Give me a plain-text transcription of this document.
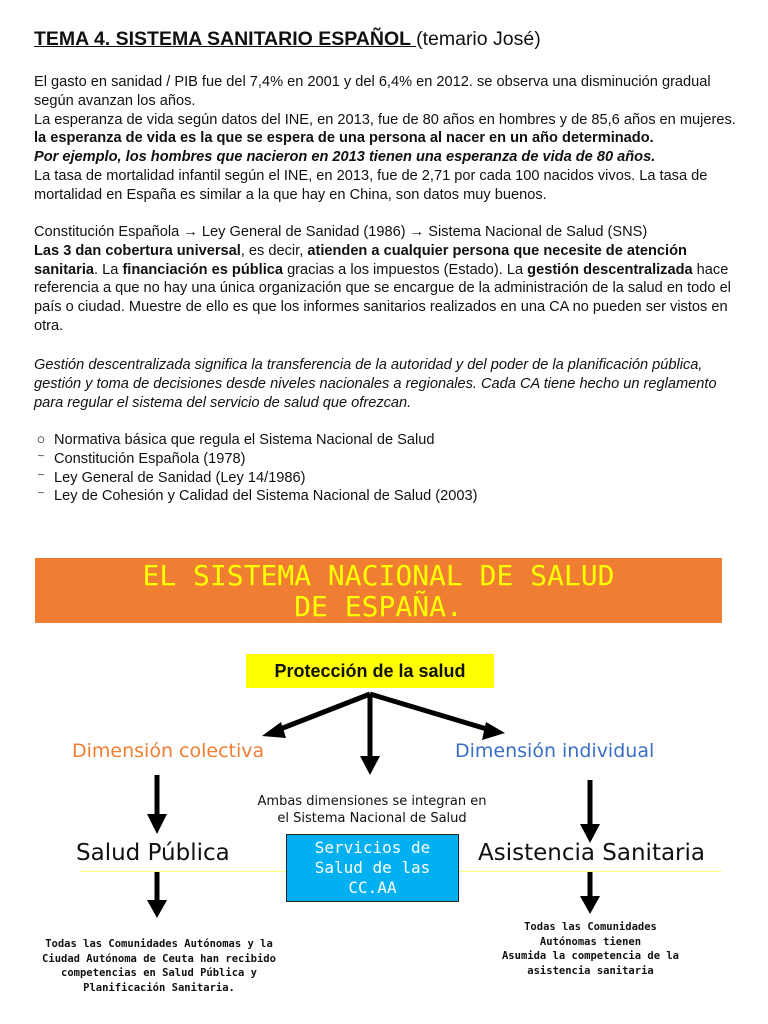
TEMA 4. SISTEMA SANITARIO ESPAÑOL (temario José)
El gasto en sanidad / PIB fue del 7,4% en 2001 y del 6,4% en 2012. se observa una disminución gradual según avanzan los años.
La esperanza de vida según datos del INE, en 2013, fue de 80 años en hombres y de 85,6 años en mujeres. la esperanza de vida es la que se espera de una persona al nacer en un año determinado.
Por ejemplo, los hombres que nacieron en 2013 tienen una esperanza de vida de 80 años.
La tasa de mortalidad infantil según el INE, en 2013, fue de 2,71 por cada 100 nacidos vivos. La tasa de mortalidad en España es similar a la que hay en China, son datos muy buenos.
Constitución Española → Ley General de Sanidad (1986) → Sistema Nacional de Salud (SNS)
Las 3 dan cobertura universal, es decir, atienden a cualquier persona que necesite de atención sanitaria. La financiación es pública gracias a los impuestos (Estado). La gestión descentralizada hace referencia a que no hay una única organización que se encargue de la administración de la salud en todo el país o ciudad. Muestre de ello es que los informes sanitarios realizados en una CA no pueden ser vistos en otra.
Gestión descentralizada significa la transferencia de la autoridad y del poder de la planificación pública, gestión y toma de decisiones desde niveles nacionales a regionales. Cada CA tiene hecho un reglamento para regular el sistema del servicio de salud que ofrezcan.
○ Normativa básica que regula el Sistema Nacional de Salud
⁻ Constitución Española (1978)
⁻ Ley General de Sanidad (Ley 14/1986)
⁻ Ley de Cohesión y Calidad del Sistema Nacional de Salud (2003)
EL SISTEMA NACIONAL DE SALUD
DE ESPAÑA.
Protección de la salud
Dimensión colectiva	Dimensión individual
Ambas dimensiones se integran en el Sistema Nacional de Salud
Salud Pública	Asistencia Sanitaria
Servicios de
Salud de las
CC.AA
Todas las Comunidades Autónomas y la Ciudad Autónoma de Ceuta han recibido competencias en Salud Pública y Planificación Sanitaria.
Todas las Comunidades
Autónomas tienen
Asumida la competencia de la
asistencia sanitaria
